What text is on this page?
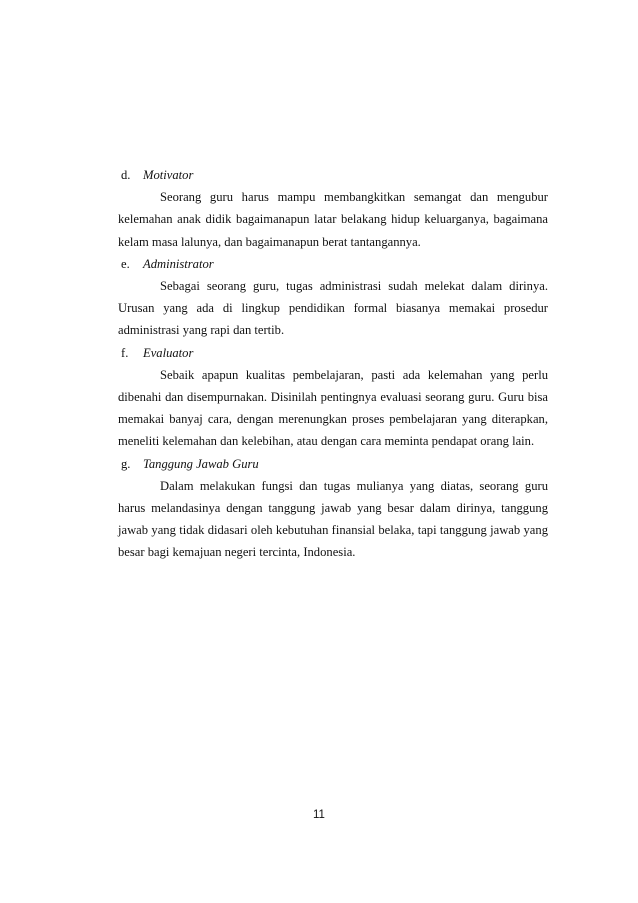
d. Motivator

Seorang guru harus mampu membangkitkan semangat dan mengubur kelemahan anak didik bagaimanapun latar belakang hidup keluarganya, bagaimana kelam masa lalunya, dan bagaimanapun berat tantangannya.

e. Administrator

Sebagai seorang guru, tugas administrasi sudah melekat dalam dirinya. Urusan yang ada di lingkup pendidikan formal biasanya memakai prosedur administrasi yang rapi dan tertib.

f. Evaluator

Sebaik apapun kualitas pembelajaran, pasti ada kelemahan yang perlu dibenahi dan disempurnakan. Disinilah pentingnya evaluasi seorang guru. Guru bisa memakai banyaj cara, dengan merenungkan proses pembelajaran yang diterapkan, meneliti kelemahan dan kelebihan, atau dengan cara meminta pendapat orang lain.

g. Tanggung Jawab Guru

Dalam melakukan fungsi dan tugas mulianya yang diatas, seorang guru harus melandasinya dengan tanggung jawab yang besar dalam dirinya, tanggung jawab yang tidak didasari oleh kebutuhan finansial belaka, tapi tanggung jawab yang besar bagi kemajuan negeri tercinta, Indonesia.

11
